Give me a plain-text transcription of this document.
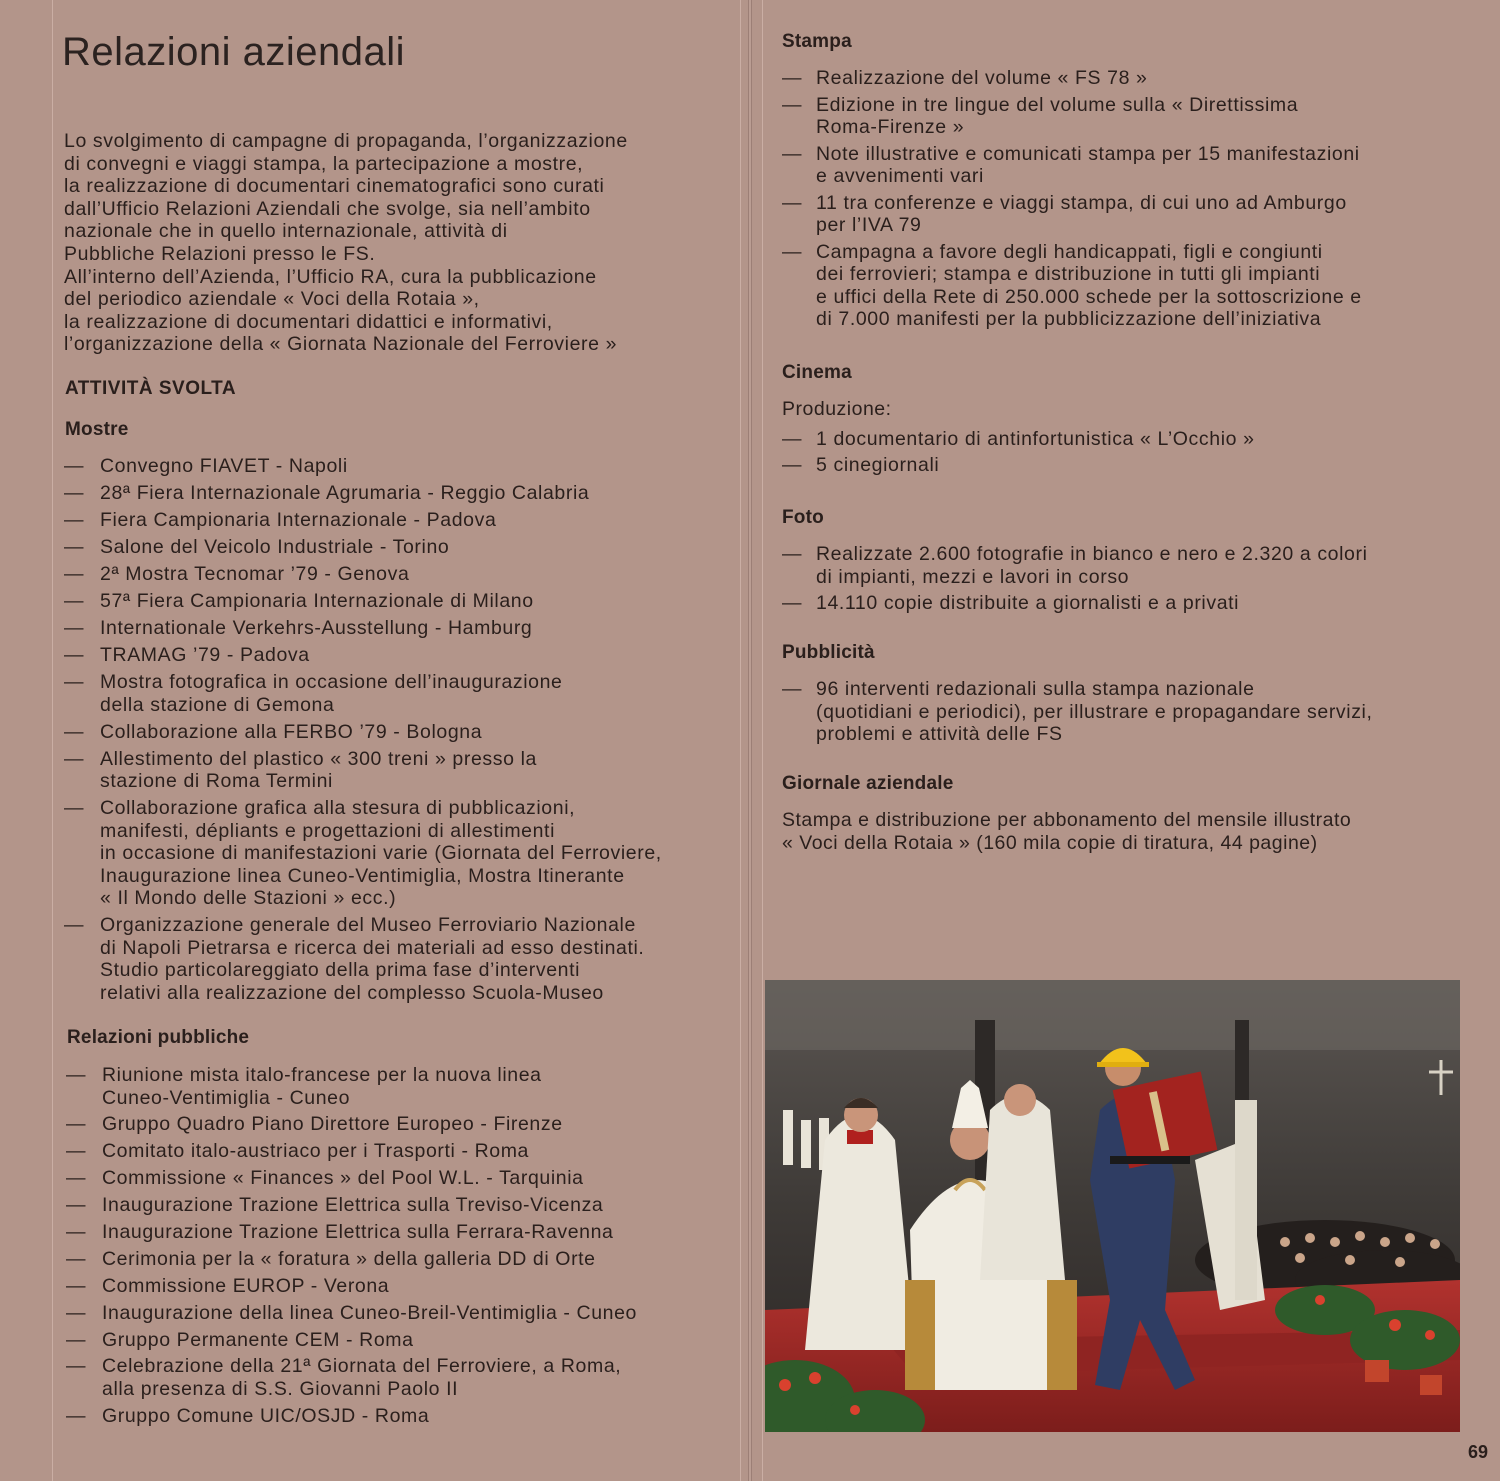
Relazioni aziendali

Lo svolgimento di campagne di propaganda, l’organizzazione
di convegni e viaggi stampa, la partecipazione a mostre,
la realizzazione di documentari cinematografici sono curati
dall’Ufficio Relazioni Aziendali che svolge, sia nell’ambito
nazionale che in quello internazionale, attività di
Pubbliche Relazioni presso le FS.
All’interno dell’Azienda, l’Ufficio RA, cura la pubblicazione
del periodico aziendale « Voci della Rotaia »,
la realizzazione di documentari didattici e informativi,
l’organizzazione della « Giornata Nazionale del Ferroviere »

ATTIVITÀ SVOLTA
Mostre
— Convegno FIAVET - Napoli
— 28ª Fiera Internazionale Agrumaria - Reggio Calabria
— Fiera Campionaria Internazionale - Padova
— Salone del Veicolo Industriale - Torino
— 2ª Mostra Tecnomar ’79 - Genova
— 57ª Fiera Campionaria Internazionale di Milano
— Internationale Verkehrs-Ausstellung - Hamburg
— TRAMAG ’79 - Padova
— Mostra fotografica in occasione dell’inaugurazione
della stazione di Gemona
— Collaborazione alla FERBO ’79 - Bologna
— Allestimento del plastico « 300 treni » presso la
stazione di Roma Termini
— Collaborazione grafica alla stesura di pubblicazioni,
manifesti, dépliants e progettazioni di allestimenti
in occasione di manifestazioni varie (Giornata del Ferroviere,
Inaugurazione linea Cuneo-Ventimiglia, Mostra Itinerante
« Il Mondo delle Stazioni » ecc.)
— Organizzazione generale del Museo Ferroviario Nazionale
di Napoli Pietrarsa e ricerca dei materiali ad esso destinati.
Studio particolareggiato della prima fase d’interventi
relativi alla realizzazione del complesso Scuola-Museo
Relazioni pubbliche
— Riunione mista italo-francese per la nuova linea
Cuneo-Ventimiglia - Cuneo
— Gruppo Quadro Piano Direttore Europeo - Firenze
— Comitato italo-austriaco per i Trasporti - Roma
— Commissione « Finances » del Pool W.L. - Tarquinia
— Inaugurazione Trazione Elettrica sulla Treviso-Vicenza
— Inaugurazione Trazione Elettrica sulla Ferrara-Ravenna
— Cerimonia per la « foratura » della galleria DD di Orte
— Commissione EUROP - Verona
— Inaugurazione della linea Cuneo-Breil-Ventimiglia - Cuneo
— Gruppo Permanente CEM - Roma
— Celebrazione della 21ª Giornata del Ferroviere, a Roma,
alla presenza di S.S. Giovanni Paolo II
— Gruppo Comune UIC/OSJD - Roma
Stampa
— Realizzazione del volume « FS 78 »
— Edizione in tre lingue del volume sulla « Direttissima
Roma-Firenze »
— Note illustrative e comunicati stampa per 15 manifestazioni
e avvenimenti vari
— 11 tra conferenze e viaggi stampa, di cui uno ad Amburgo
per l’IVA 79
— Campagna a favore degli handicappati, figli e congiunti
dei ferrovieri; stampa e distribuzione in tutti gli impianti
e uffici della Rete di 250.000 schede per la sottoscrizione e
di 7.000 manifesti per la pubblicizzazione dell’iniziativa
Cinema

Produzione:

— 1 documentario di antinfortunistica « L’Occhio »
— 5 cinegiornali
Foto
— Realizzate 2.600 fotografie in bianco e nero e 2.320 a colori
di impianti, mezzi e lavori in corso
— 14.110 copie distribuite a giornalisti e a privati
Pubblicità
— 96 interventi redazionali sulla stampa nazionale
(quotidiani e periodici), per illustrare e propagandare servizi,
problemi e attività delle FS
Giornale aziendale

Stampa e distribuzione per abbonamento del mensile illustrato

« Voci della Rotaia » (160 mila copie di tiratura, 44 pagine)

69
